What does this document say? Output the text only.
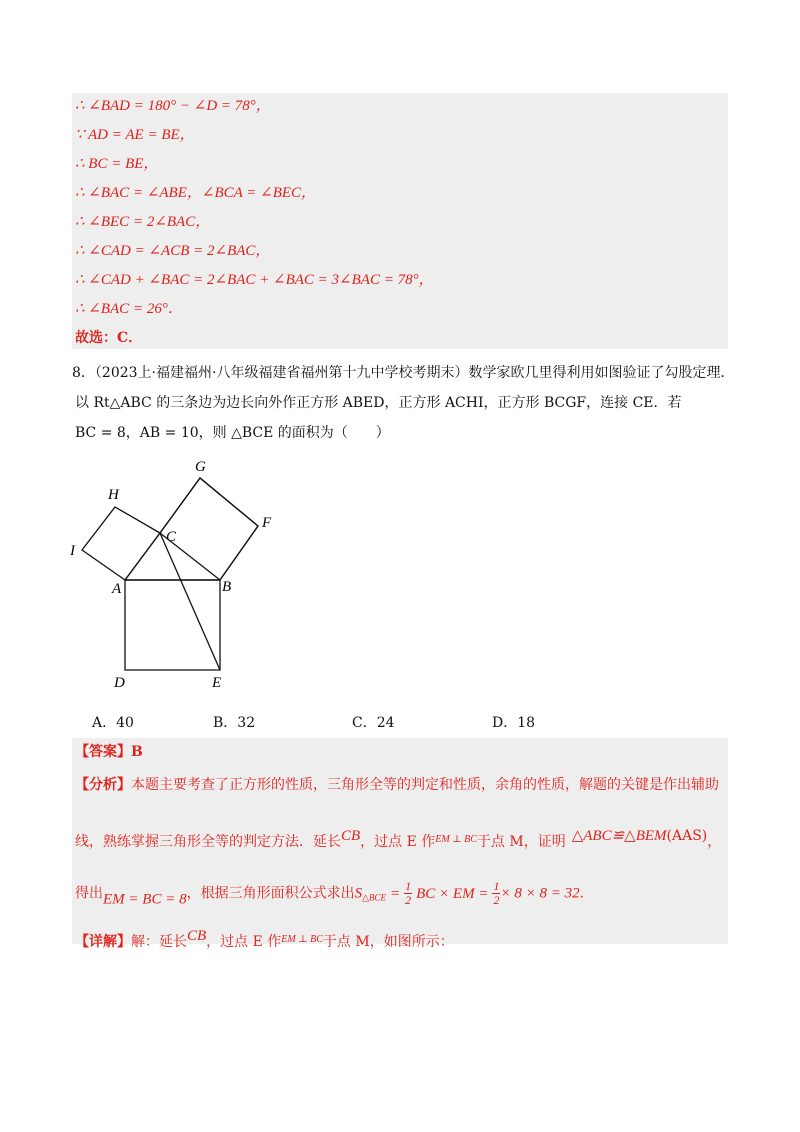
∴ ∠BAD = 180° − ∠D = 78°，
∵ AD = AE = BE，
∴ BC = BE，
∴ ∠BAC = ∠ABE，∠BCA = ∠BEC，
∴ ∠BEC = 2∠BAC，
∴ ∠CAD = ∠ACB = 2∠BAC，
∴ ∠CAD + ∠BAC = 2∠BAC + ∠BAC = 3∠BAC = 78°，
∴ ∠BAC = 26°．
故选：C．
8．（2023上·福建福州·八年级福建省福州第十九中学校考期末）数学家欧几里得利用如图验证了勾股定理．
以 Rt△ABC 的三条边为边长向外作正方形 ABED，正方形 ACHI，正方形 BCGF，连接 CE．若
BC = 8，AB = 10，则 △BCE 的面积为（　　）
G
H
C
F
I
A	B
D	E
A．40	B．32	C．24	D．18
【答案】B
【分析】本题主要考查了正方形的性质，三角形全等的判定和性质，余角的性质，解题的关键是作出辅助
线，熟练掌握三角形全等的判定方法．延长CB，过点 E 作$^{EM \perp BC}$于点 M，证明 △ABC≌△BEM(AAS)，
得出EM = BC = 8，根据三角形面积公式求出$S_{\triangle BCE} = \frac{1}{2}$ BC × EM = $\frac{1}{2} \times 8 \times 8 = 32$．
【详解】解：延长CB，过点 E 作$^{EM \perp BC}$于点 M，如图所示：
